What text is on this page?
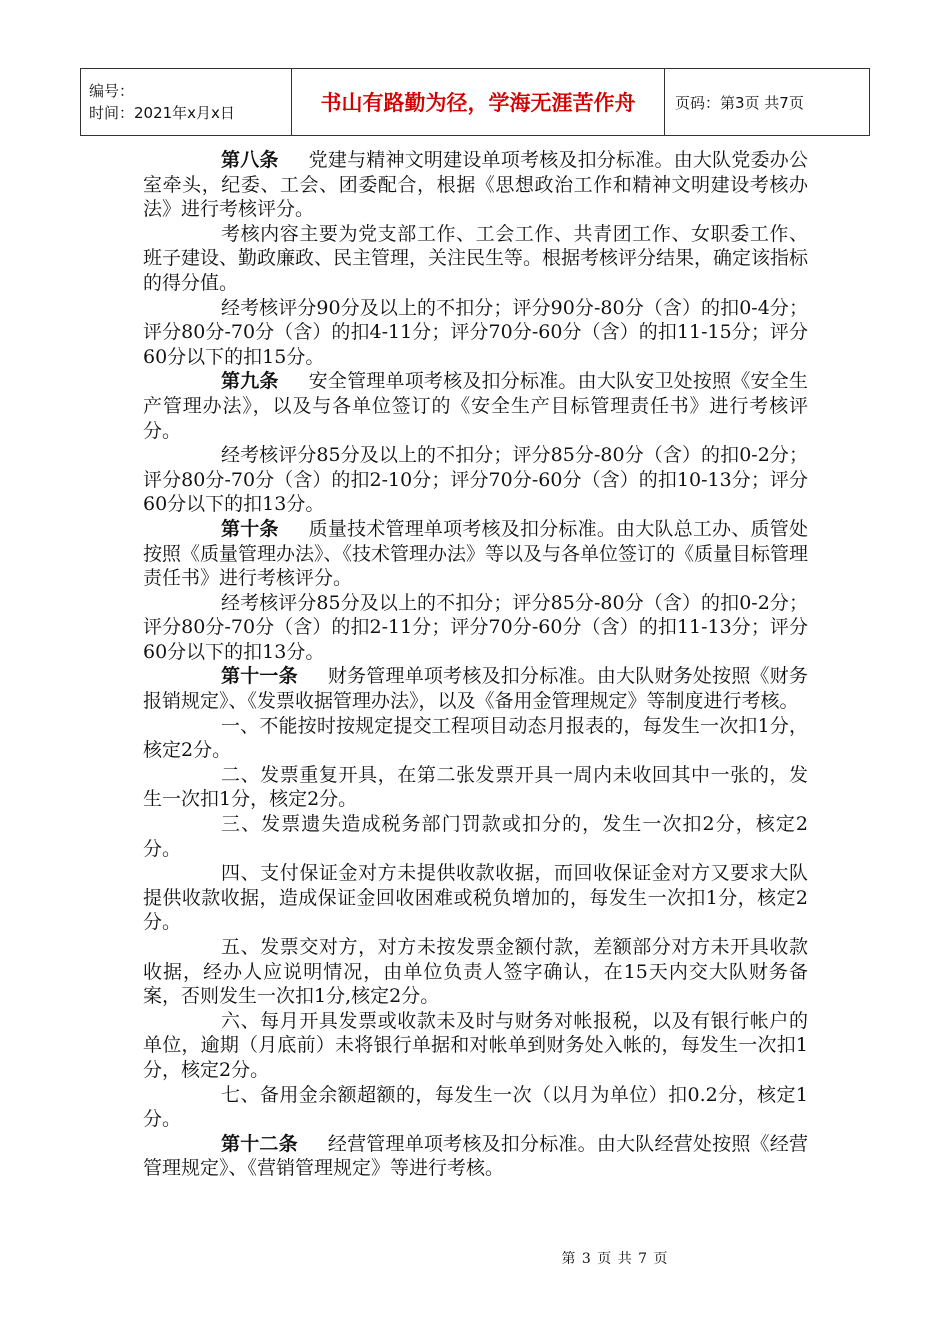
编号：
时间：2021年x月x日	书山有路勤为径，学海无涯苦作舟	页码：第3页 共7页

第八条 党建与精神文明建设单项考核及扣分标准。由大队党委办公室牵头，纪委、工会、团委配合，根据《思想政治工作和精神文明建设考核办法》进行考核评分。

考核内容主要为党支部工作、工会工作、共青团工作、女职委工作、班子建设、勤政廉政、民主管理，关注民生等。根据考核评分结果，确定该指标的得分值。

经考核评分90分及以上的不扣分；评分90分-80分（含）的扣0-4分；评分80分-70分（含）的扣4-11分；评分70分-60分（含）的扣11-15分；评分60分以下的扣15分。

第九条 安全管理单项考核及扣分标准。由大队安卫处按照《安全生产管理办法》，以及与各单位签订的《安全生产目标管理责任书》进行考核评分。

经考核评分85分及以上的不扣分；评分85分-80分（含）的扣0-2分；评分80分-70分（含）的扣2-10分；评分70分-60分（含）的扣10-13分；评分60分以下的扣13分。

第十条 质量技术管理单项考核及扣分标准。由大队总工办、质管处按照《质量管理办法》、《技术管理办法》等以及与各单位签订的《质量目标管理责任书》进行考核评分。

经考核评分85分及以上的不扣分；评分85分-80分（含）的扣0-2分；评分80分-70分（含）的扣2-11分；评分70分-60分（含）的扣11-13分；评分60分以下的扣13分。

第十一条 财务管理单项考核及扣分标准。由大队财务处按照《财务报销规定》、《发票收据管理办法》，以及《备用金管理规定》等制度进行考核。

一、不能按时按规定提交工程项目动态月报表的，每发生一次扣1分，核定2分。

二、发票重复开具，在第二张发票开具一周内未收回其中一张的，发生一次扣1分，核定2分。

三、发票遗失造成税务部门罚款或扣分的，发生一次扣2分，核定2分。

四、支付保证金对方未提供收款收据，而回收保证金对方又要求大队提供收款收据，造成保证金回收困难或税负增加的，每发生一次扣1分，核定2分。

五、发票交对方，对方未按发票金额付款，差额部分对方未开具收款收据，经办人应说明情况，由单位负责人签字确认，在15天内交大队财务备案，否则发生一次扣1分,核定2分。

六、每月开具发票或收款未及时与财务对帐报税，以及有银行帐户的单位，逾期（月底前）未将银行单据和对帐单到财务处入帐的，每发生一次扣1分，核定2分。

七、备用金余额超额的，每发生一次（以月为单位）扣0.2分，核定1分。

第十二条 经营管理单项考核及扣分标准。由大队经营处按照《经营管理规定》、《营销管理规定》等进行考核。

第 3 页 共 7 页
